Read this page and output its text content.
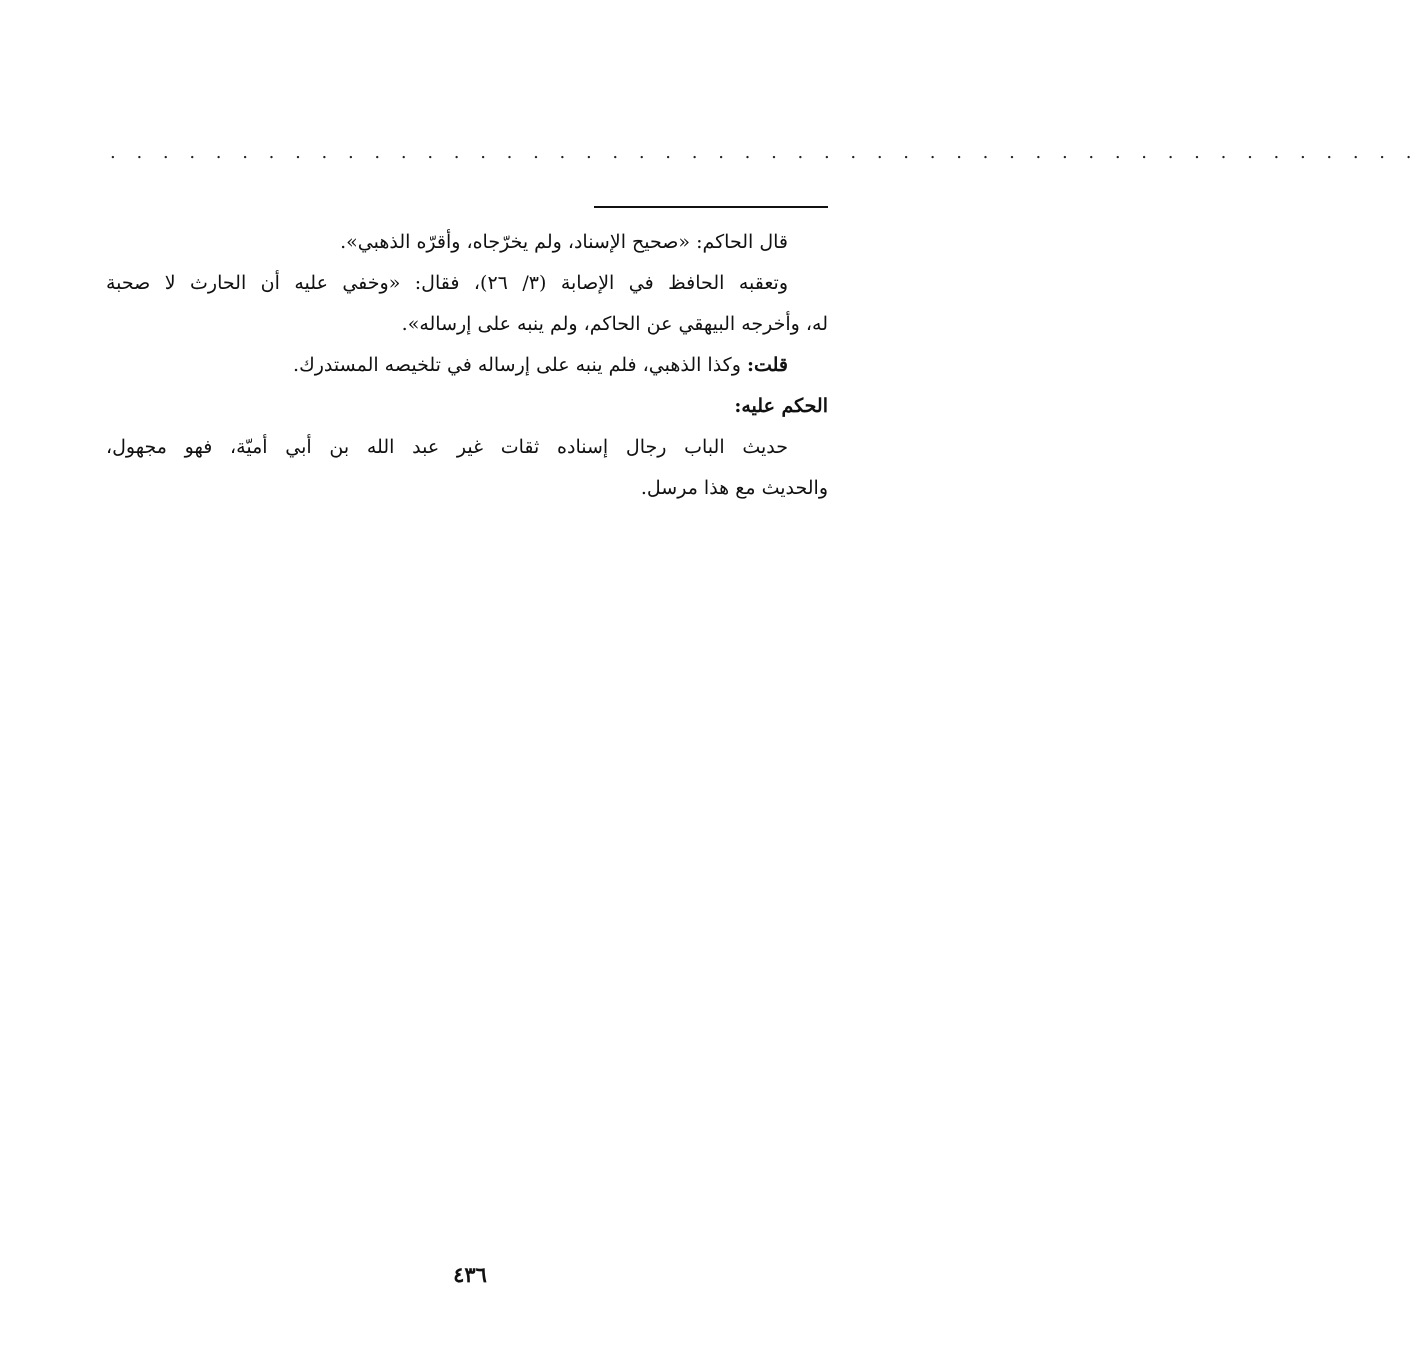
. . . . . . . . . . . . . . . . . . . . . . . . . . . . . . . . . . . . . . . . . . . . . . . . . .
قال الحاكم: «صحيح الإسناد، ولم يخرّجاه، وأقرّه الذهبي».
وتعقبه الحافظ في الإصابة (٣/ ٢٦)، فقال: «وخفي عليه أن الحارث لا صحبة
له، وأخرجه البيهقي عن الحاكم، ولم ينبه على إرساله».
قلت: وكذا الذهبي، فلم ينبه على إرساله في تلخيصه المستدرك.
الحكم عليه:
حديث الباب رجال إسناده ثقات غير عبد الله بن أبي أميّة، فهو مجهول،
والحديث مع هذا مرسل.
٤٣٦
